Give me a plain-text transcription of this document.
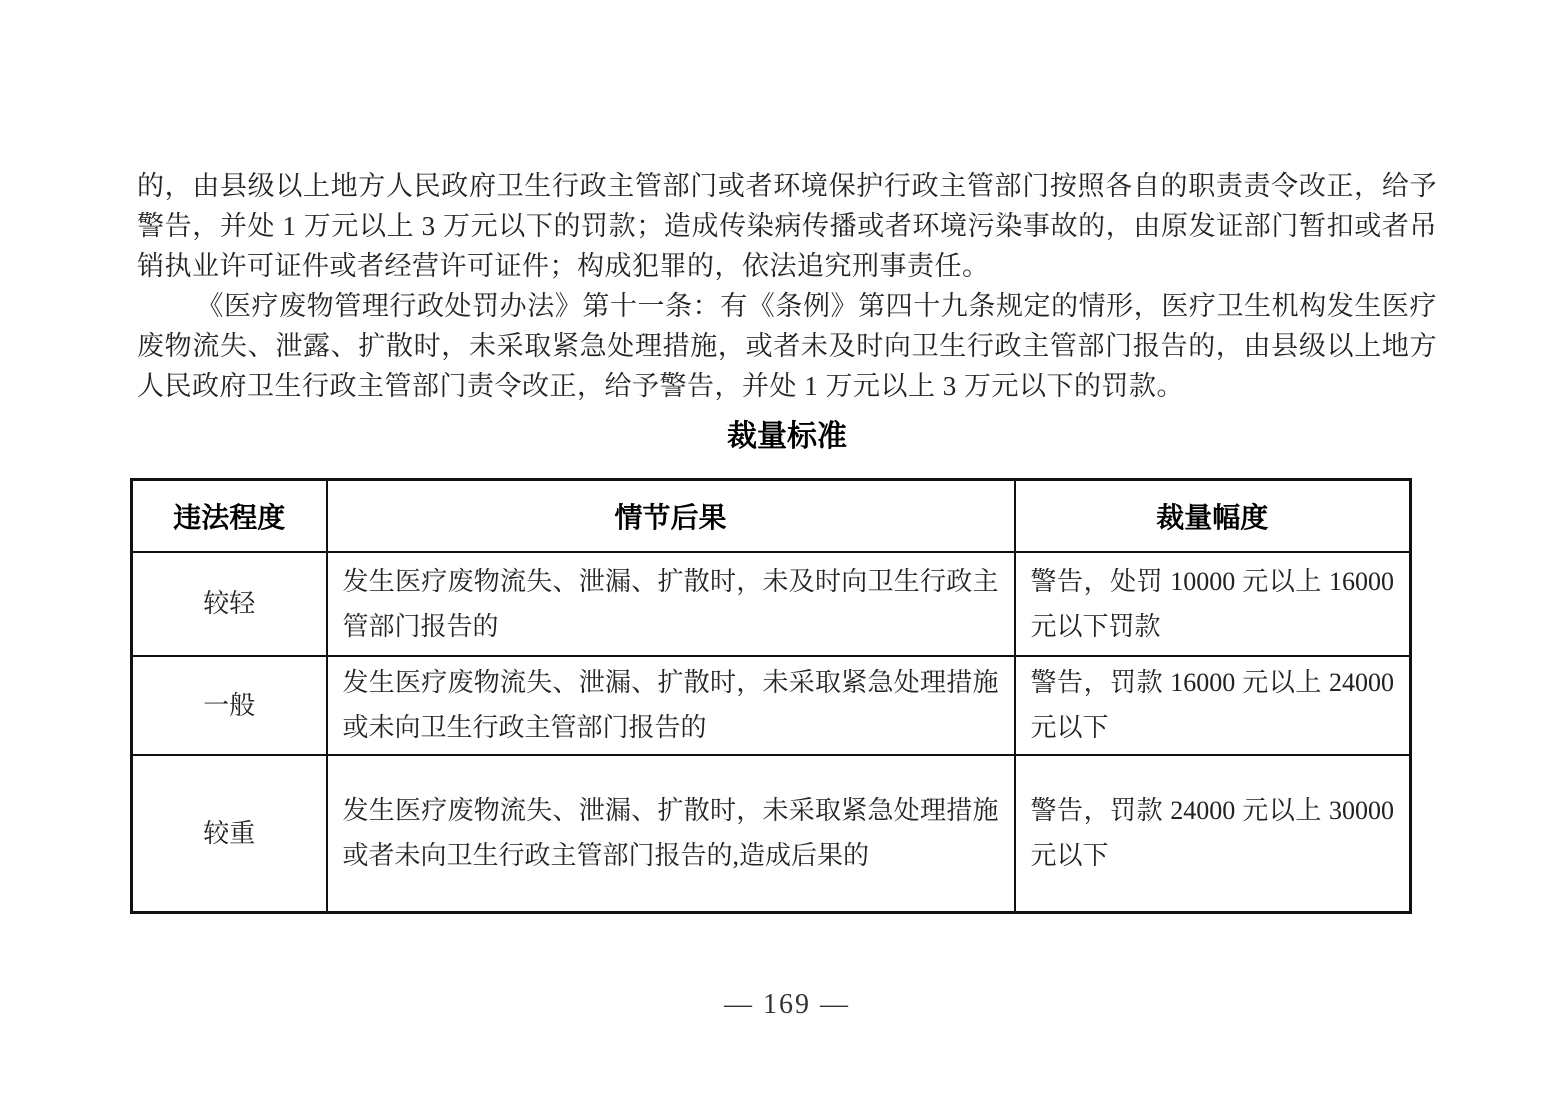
的，由县级以上地方人民政府卫生行政主管部门或者环境保护行政主管部门按照各自的职责责令改正，给予警告，并处 1 万元以上 3 万元以下的罚款；造成传染病传播或者环境污染事故的，由原发证部门暂扣或者吊销执业许可证件或者经营许可证件；构成犯罪的，依法追究刑事责任。

《医疗废物管理行政处罚办法》第十一条：有《条例》第四十九条规定的情形，医疗卫生机构发生医疗废物流失、泄露、扩散时，未采取紧急处理措施，或者未及时向卫生行政主管部门报告的，由县级以上地方人民政府卫生行政主管部门责令改正，给予警告，并处 1 万元以上 3 万元以下的罚款。

裁量标准
违法程度	情节后果	裁量幅度
较轻	发生医疗废物流失、泄漏、扩散时，未及时向卫生行政主管部门报告的	警告，处罚 10000 元以上 16000 元以下罚款
一般	发生医疗废物流失、泄漏、扩散时，未采取紧急处理措施或未向卫生行政主管部门报告的	警告，罚款 16000 元以上 24000 元以下
较重	发生医疗废物流失、泄漏、扩散时，未采取紧急处理措施或者未向卫生行政主管部门报告的,造成后果的	警告，罚款 24000 元以上 30000 元以下
— 169 —
